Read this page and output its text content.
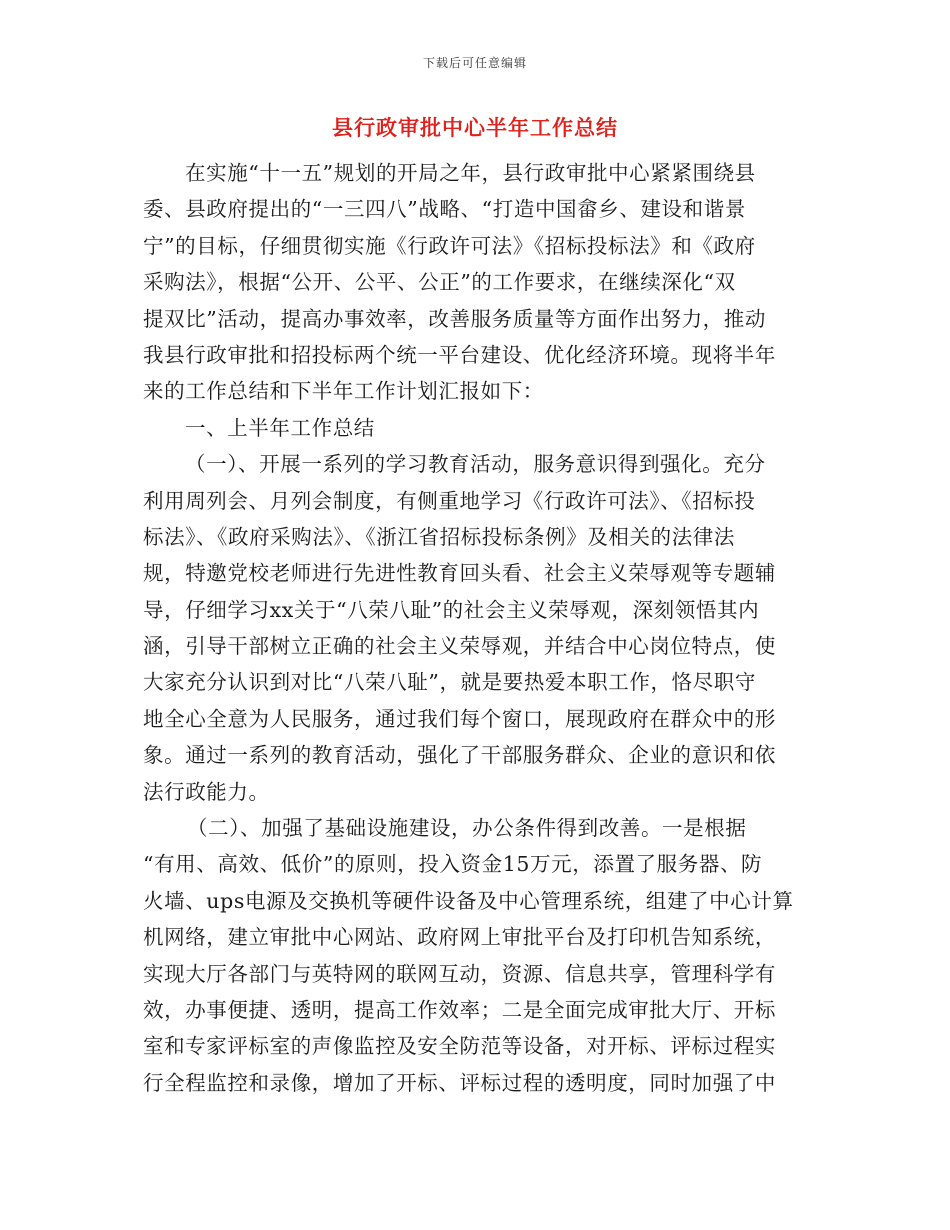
下载后可任意编辑
县行政审批中心半年工作总结
在实施“十一五”规划的开局之年，县行政审批中心紧紧围绕县
委、县政府提出的“一三四八”战略、“打造中国畲乡、建设和谐景
宁”的目标，仔细贯彻实施《行政许可法》《招标投标法》和《政府
采购法》，根据“公开、公平、公正”的工作要求，在继续深化“双
提双比”活动，提高办事效率，改善服务质量等方面作出努力，推动
我县行政审批和招投标两个统一平台建设、优化经济环境。现将半年
来的工作总结和下半年工作计划汇报如下：
一、上半年工作总结
（一）、开展一系列的学习教育活动，服务意识得到强化。充分
利用周列会、月列会制度，有侧重地学习《行政许可法》、《招标投
标法》、《政府采购法》、《浙江省招标投标条例》及相关的法律法
规，特邀党校老师进行先进性教育回头看、社会主义荣辱观等专题辅
导，仔细学习xx关于“八荣八耻”的社会主义荣辱观，深刻领悟其内
涵，引导干部树立正确的社会主义荣辱观，并结合中心岗位特点，使
大家充分认识到对比“八荣八耻”，就是要热爱本职工作，恪尽职守
地全心全意为人民服务，通过我们每个窗口，展现政府在群众中的形
象。通过一系列的教育活动，强化了干部服务群众、企业的意识和依
法行政能力。
（二）、加强了基础设施建设，办公条件得到改善。一是根据
“有用、高效、低价”的原则，投入资金15万元，添置了服务器、防
火墙、ups电源及交换机等硬件设备及中心管理系统，组建了中心计算
机网络，建立审批中心网站、政府网上审批平台及打印机告知系统，
实现大厅各部门与英特网的联网互动，资源、信息共享，管理科学有
效，办事便捷、透明，提高工作效率；二是全面完成审批大厅、开标
室和专家评标室的声像监控及安全防范等设备，对开标、评标过程实
行全程监控和录像，增加了开标、评标过程的透明度，同时加强了中
